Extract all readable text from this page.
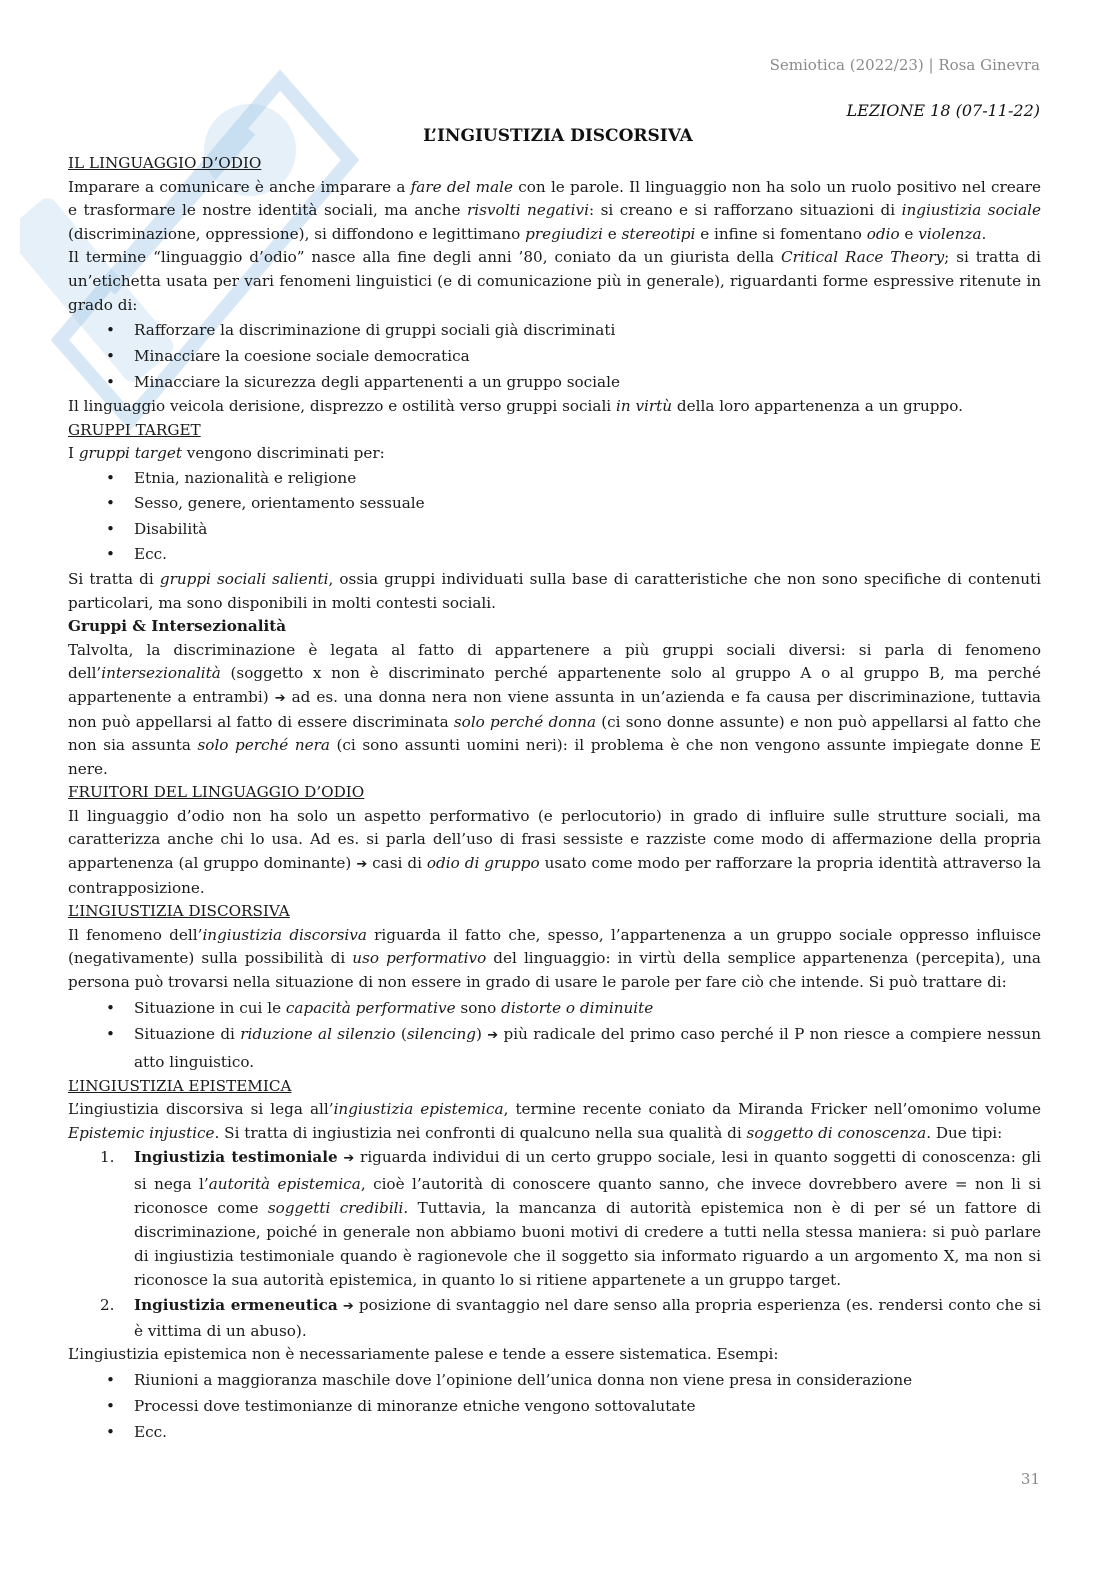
Semiotica (2022/23) | Rosa Ginevra
LEZIONE 18 (07-11-22)
L’INGIUSTIZIA DISCORSIVA

IL LINGUAGGIO D’ODIO

Imparare a comunicare è anche imparare a fare del male con le parole. Il linguaggio non ha solo un ruolo positivo nel creare e trasformare le nostre identità sociali, ma anche risvolti negativi: si creano e si rafforzano situazioni di ingiustizia sociale (discriminazione, oppressione), si diffondono e legittimano pregiudizi e stereotipi e infine si fomentano odio e violenza.

Il termine “linguaggio d’odio” nasce alla fine degli anni ’80, coniato da un giurista della Critical Race Theory; si tratta di un’etichetta usata per vari fenomeni linguistici (e di comunicazione più in generale), riguardanti forme espressive ritenute in grado di:

• Rafforzare la discriminazione di gruppi sociali già discriminati
• Minacciare la coesione sociale democratica
• Minacciare la sicurezza degli appartenenti a un gruppo sociale

Il linguaggio veicola derisione, disprezzo e ostilità verso gruppi sociali in virtù della loro appartenenza a un gruppo.

GRUPPI TARGET

I gruppi target vengono discriminati per:

• Etnia, nazionalità e religione
• Sesso, genere, orientamento sessuale
• Disabilità
• Ecc.

Si tratta di gruppi sociali salienti, ossia gruppi individuati sulla base di caratteristiche che non sono specifiche di contenuti particolari, ma sono disponibili in molti contesti sociali.

Gruppi & Intersezionalità

Talvolta, la discriminazione è legata al fatto di appartenere a più gruppi sociali diversi: si parla di fenomeno dell’intersezionalità (soggetto x non è discriminato perché appartenente solo al gruppo A o al gruppo B, ma perché appartenente a entrambi) ➔ ad es. una donna nera non viene assunta in un’azienda e fa causa per discriminazione, tuttavia non può appellarsi al fatto di essere discriminata solo perché donna (ci sono donne assunte) e non può appellarsi al fatto che non sia assunta solo perché nera (ci sono assunti uomini neri): il problema è che non vengono assunte impiegate donne E nere.

FRUITORI DEL LINGUAGGIO D’ODIO

Il linguaggio d’odio non ha solo un aspetto performativo (e perlocutorio) in grado di influire sulle strutture sociali, ma caratterizza anche chi lo usa. Ad es. si parla dell’uso di frasi sessiste e razziste come modo di affermazione della propria appartenenza (al gruppo dominante) ➔ casi di odio di gruppo usato come modo per rafforzare la propria identità attraverso la contrapposizione.

L’INGIUSTIZIA DISCORSIVA

Il fenomeno dell’ingiustizia discorsiva riguarda il fatto che, spesso, l’appartenenza a un gruppo sociale oppresso influisce (negativamente) sulla possibilità di uso performativo del linguaggio: in virtù della semplice appartenenza (percepita), una persona può trovarsi nella situazione di non essere in grado di usare le parole per fare ciò che intende. Si può trattare di:

• Situazione in cui le capacità performative sono distorte o diminuite
• Situazione di riduzione al silenzio (silencing) ➔ più radicale del primo caso perché il P non riesce a compiere nessun atto linguistico.

L’INGIUSTIZIA EPISTEMICA

L’ingiustizia discorsiva si lega all’ingiustizia epistemica, termine recente coniato da Miranda Fricker nell’omonimo volume Epistemic injustice. Si tratta di ingiustizia nei confronti di qualcuno nella sua qualità di soggetto di conoscenza. Due tipi:

1. Ingiustizia testimoniale ➔ riguarda individui di un certo gruppo sociale, lesi in quanto soggetti di conoscenza: gli si nega l’autorità epistemica, cioè l’autorità di conoscere quanto sanno, che invece dovrebbero avere = non li si riconosce come soggetti credibili. Tuttavia, la mancanza di autorità epistemica non è di per sé un fattore di discriminazione, poiché in generale non abbiamo buoni motivi di credere a tutti nella stessa maniera: si può parlare di ingiustizia testimoniale quando è ragionevole che il soggetto sia informato riguardo a un argomento X, ma non si riconosce la sua autorità epistemica, in quanto lo si ritiene appartenete a un gruppo target.
2. Ingiustizia ermeneutica ➔ posizione di svantaggio nel dare senso alla propria esperienza (es. rendersi conto che si è vittima di un abuso).

L’ingiustizia epistemica non è necessariamente palese e tende a essere sistematica. Esempi:

• Riunioni a maggioranza maschile dove l’opinione dell’unica donna non viene presa in considerazione
• Processi dove testimonianze di minoranze etniche vengono sottovalutate
• Ecc.
31
